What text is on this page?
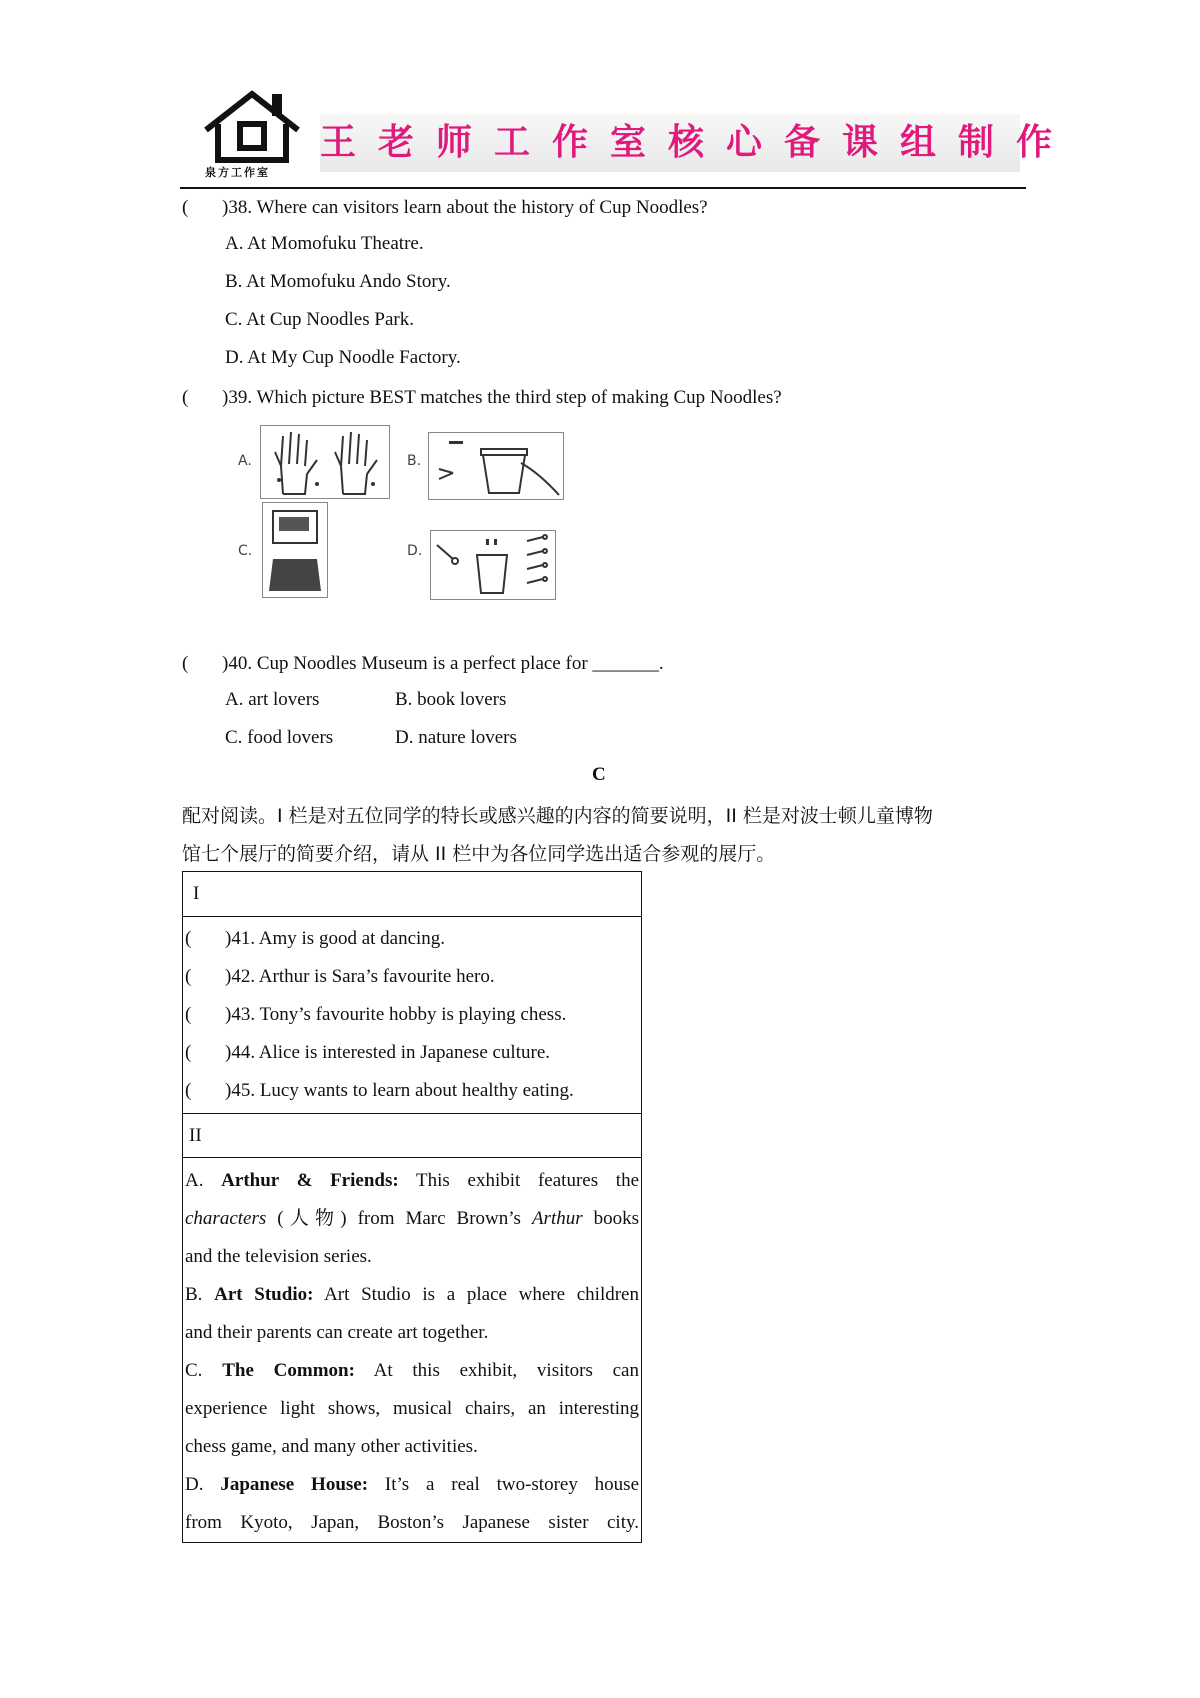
泉方工作室
王老师工作室核心备课组制作
( )38. Where can visitors learn about the history of Cup Noodles?
A. At Momofuku Theatre.
B. At Momofuku Ando Story.
C. At Cup Noodles Park.
D. At My Cup Noodle Factory.
( )39. Which picture BEST matches the third step of making Cup Noodles?
A.	B.
C.	D.
( )40. Cup Noodles Museum is a perfect place for _______.
A. art lovers	B. book lovers
C. food lovers	D. nature lovers
C
配对阅读。I 栏是对五位同学的特长或感兴趣的内容的简要说明，II 栏是对波士顿儿童博物
馆七个展厅的简要介绍，请从 II 栏中为各位同学选出适合参观的展厅。
I
( )41. Amy is good at dancing.
( )42. Arthur is Sara’s favourite hero.
( )43. Tony’s favourite hobby is playing chess.
( )44. Alice is interested in Japanese culture.
( )45. Lucy wants to learn about healthy eating.
II
A. Arthur & Friends: This exhibit features the
characters (人物) from Marc Brown’s Arthur books
and the television series.
B. Art Studio: Art Studio is a place where children
and their parents can create art together.
C. The Common: At this exhibit, visitors can
experience light shows, musical chairs, an interesting
chess game, and many other activities.
D. Japanese House: It’s a real two-storey house
from Kyoto, Japan, Boston’s Japanese sister city.
